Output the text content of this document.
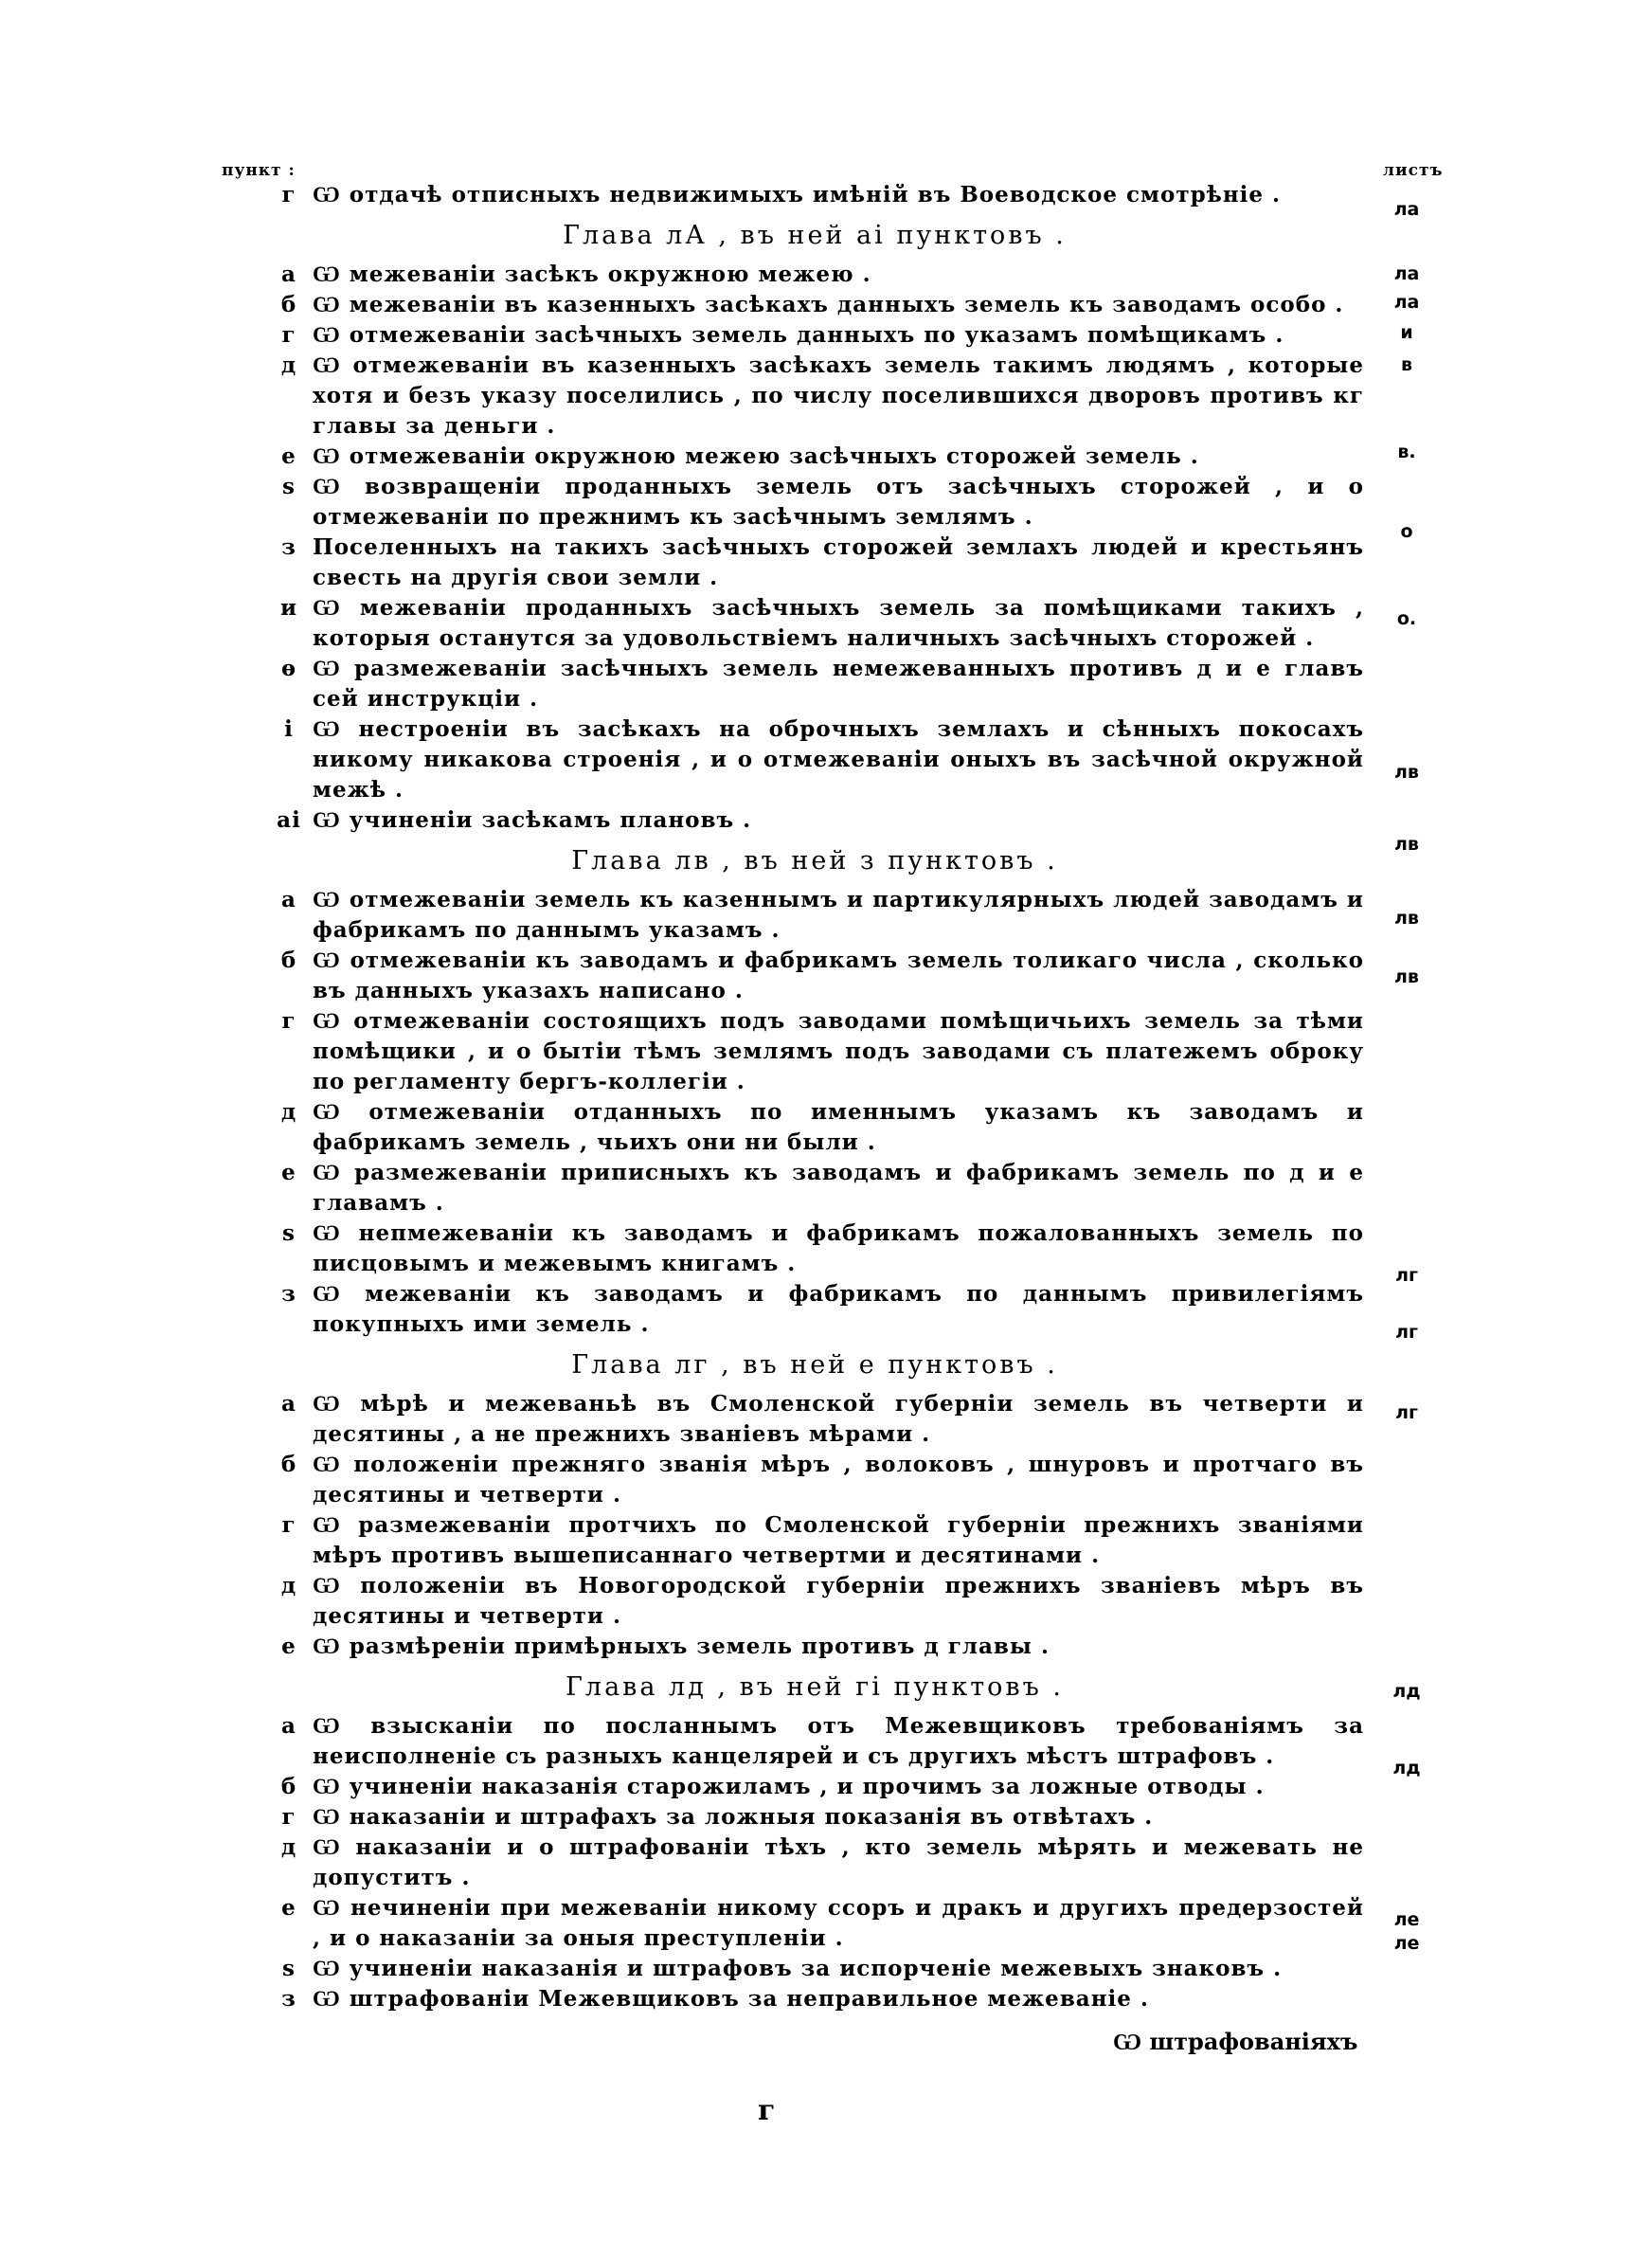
пункт :	листъ
г Ѡ отдачѣ отписныхъ недвижимыхъ имѣній въ Воеводское смотрѣніе .
Глава лА , въ ней аі пунктовъ .
а Ѡ межеваніи засѣкъ окружною межею .
б Ѡ межеваніи въ казенныхъ засѣкахъ данныхъ земель къ заводамъ особо .
г Ѡ отмежеваніи засѣчныхъ земель данныхъ по указамъ помѣщикамъ .
д Ѡ отмежеваніи въ казенныхъ засѣкахъ земель такимъ людямъ , которые хотя и безъ указу поселились , по числу поселившихся дворовъ противъ кг главы за деньги .
е Ѡ отмежеваніи окружною межею засѣчныхъ сторожей земель .
ѕ Ѡ возвращеніи проданныхъ земель отъ засѣчныхъ сторожей , и о отмежеваніи по прежнимъ къ засѣчнымъ землямъ .
з Поселенныхъ на такихъ засѣчныхъ сторожей землахъ людей и крестьянъ свесть на другія свои земли .
и Ѡ межеваніи проданныхъ засѣчныхъ земель за помѣщиками такихъ , которыя останутся за удовольствіемъ наличныхъ засѣчныхъ сторожей .
ѳ Ѡ размежеваніи засѣчныхъ земель немежеванныхъ противъ д и е главъ сей инструкціи .
і Ѡ нестроеніи въ засѣкахъ на оброчныхъ землахъ и сѣнныхъ покосахъ никому никакова строенія , и о отмежеваніи оныхъ въ засѣчной окружной межѣ .
аі Ѡ учиненіи засѣкамъ плановъ .
Глава лв , въ ней з пунктовъ .
а Ѡ отмежеваніи земель къ казеннымъ и партикулярныхъ людей заводамъ и фабрикамъ по даннымъ указамъ .
б Ѡ отмежеваніи къ заводамъ и фабрикамъ земель толикаго числа , сколько въ данныхъ указахъ написано .
г Ѡ отмежеваніи состоящихъ подъ заводами помѣщичьихъ земель за тѣми помѣщики , и о бытіи тѣмъ землямъ подъ заводами съ платежемъ оброку по регламенту бергъ-коллегіи .
д Ѡ отмежеваніи отданныхъ по именнымъ указамъ къ заводамъ и фабрикамъ земель , чьихъ они ни были .
е Ѡ размежеваніи приписныхъ къ заводамъ и фабрикамъ земель по д и е главамъ .
ѕ Ѡ непмежеваніи къ заводамъ и фабрикамъ пожалованныхъ земель по писцовымъ и межевымъ книгамъ .
з Ѡ межеваніи къ заводамъ и фабрикамъ по даннымъ привилегіямъ покупныхъ ими земель .
Глава лг , въ ней е пунктовъ .
а Ѡ мѣрѣ и межеваньѣ въ Смоленской губерніи земель въ четверти и десятины , а не прежнихъ званіевъ мѣрами .
б Ѡ положеніи прежняго званія мѣръ , волоковъ , шнуровъ и протчаго въ десятины и четверти .
г Ѡ размежеваніи протчихъ по Смоленской губерніи прежнихъ званіями мѣръ противъ вышеписаннаго четвертми и десятинами .
д Ѡ положеніи въ Новогородской губерніи прежнихъ званіевъ мѣръ въ десятины и четверти .
е Ѡ размѣреніи примѣрныхъ земель противъ д главы .
Глава лд , въ ней гі пунктовъ .
а Ѡ взысканіи по посланнымъ отъ Межевщиковъ требованіямъ за неисполненіе съ разныхъ канцелярей и съ другихъ мѣстъ штрафовъ .
б Ѡ учиненіи наказанія старожиламъ , и прочимъ за ложные отводы .
г Ѡ наказаніи и штрафахъ за ложныя показанія въ отвѣтахъ .
д Ѡ наказаніи и о штрафованіи тѣхъ , кто земель мѣрять и межевать не допуститъ .
е Ѡ нечиненіи при межеваніи никому ссоръ и дракъ и другихъ предерзостей , и о наказаніи за оныя преступленіи .
ѕ Ѡ учиненіи наказанія и штрафовъ за испорченіе межевыхъ знаковъ .
з Ѡ штрафованіи Межевщиковъ за неправильное межеваніе .
ла
ла
ла
и
в
в.
о
о.
лв
лв
лв
лв
лг
лг
лг
лд
лд
ле
ле
Ѡ штрафованіяхъ
г
